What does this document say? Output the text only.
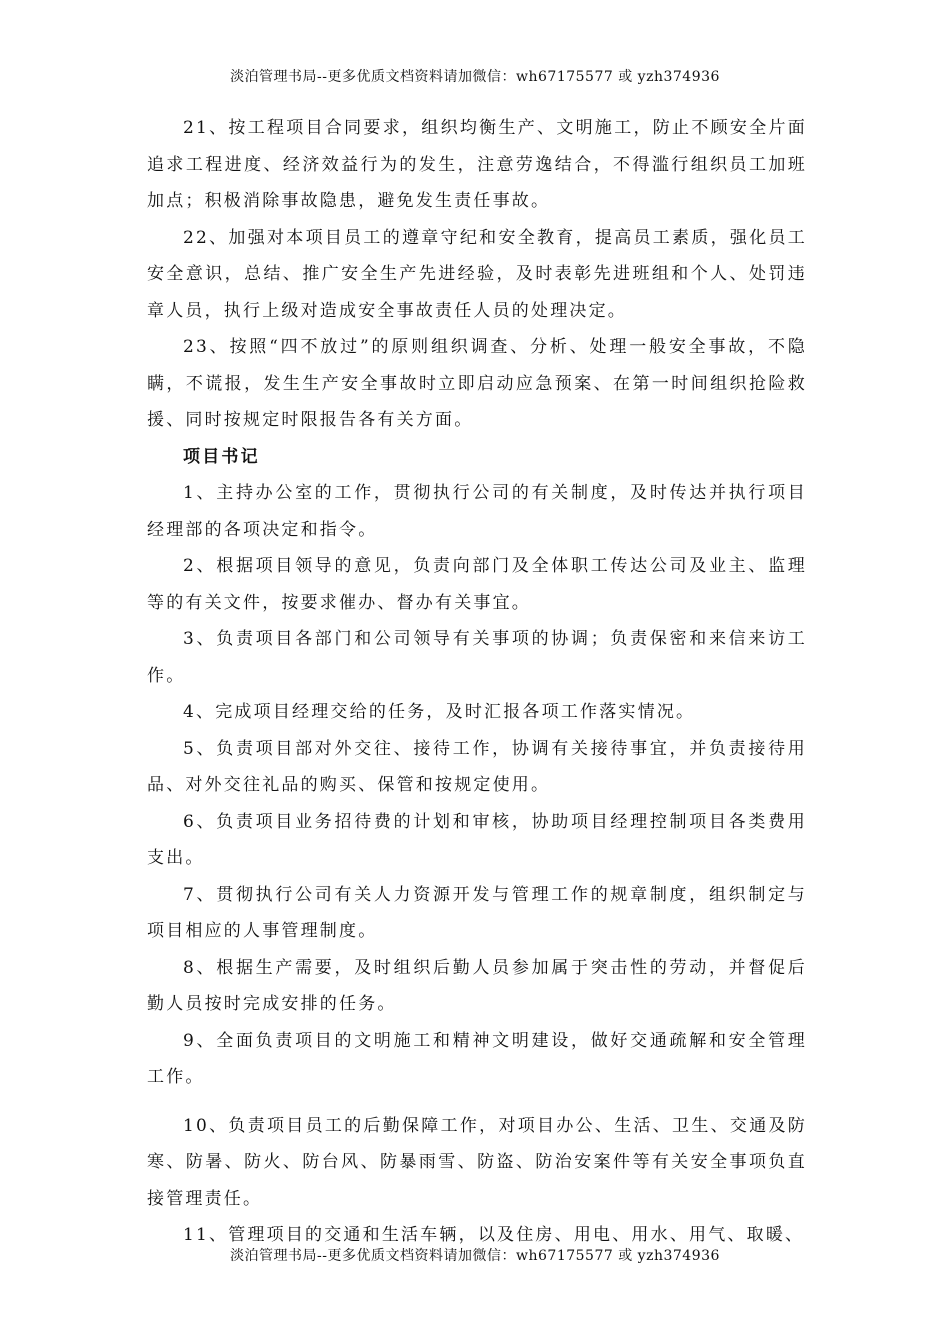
淡泊管理书局--更多优质文档资料请加微信：wh67175577 或 yzh374936

21、按工程项目合同要求，组织均衡生产、文明施工，防止不顾安全片面追求工程进度、经济效益行为的发生，注意劳逸结合，不得滥行组织员工加班加点；积极消除事故隐患，避免发生责任事故。

22、加强对本项目员工的遵章守纪和安全教育，提高员工素质，强化员工安全意识，总结、推广安全生产先进经验，及时表彰先进班组和个人、处罚违章人员，执行上级对造成安全事故责任人员的处理决定。

23、按照“四不放过”的原则组织调查、分析、处理一般安全事故，不隐瞒，不谎报，发生生产安全事故时立即启动应急预案、在第一时间组织抢险救援、同时按规定时限报告各有关方面。

项目书记

1、主持办公室的工作，贯彻执行公司的有关制度，及时传达并执行项目经理部的各项决定和指令。

2、根据项目领导的意见，负责向部门及全体职工传达公司及业主、监理等的有关文件，按要求催办、督办有关事宜。

3、负责项目各部门和公司领导有关事项的协调；负责保密和来信来访工作。

4、完成项目经理交给的任务，及时汇报各项工作落实情况。

5、负责项目部对外交往、接待工作，协调有关接待事宜，并负责接待用品、对外交往礼品的购买、保管和按规定使用。

6、负责项目业务招待费的计划和审核，协助项目经理控制项目各类费用支出。

7、贯彻执行公司有关人力资源开发与管理工作的规章制度，组织制定与项目相应的人事管理制度。

8、根据生产需要，及时组织后勤人员参加属于突击性的劳动，并督促后勤人员按时完成安排的任务。

9、全面负责项目的文明施工和精神文明建设，做好交通疏解和安全管理工作。

10、负责项目员工的后勤保障工作，对项目办公、生活、卫生、交通及防寒、防暑、防火、防台风、防暴雨雪、防盗、防治安案件等有关安全事项负直接管理责任。

11、管理项目的交通和生活车辆，以及住房、用电、用水、用气、取暖、

淡泊管理书局--更多优质文档资料请加微信：wh67175577 或 yzh374936
